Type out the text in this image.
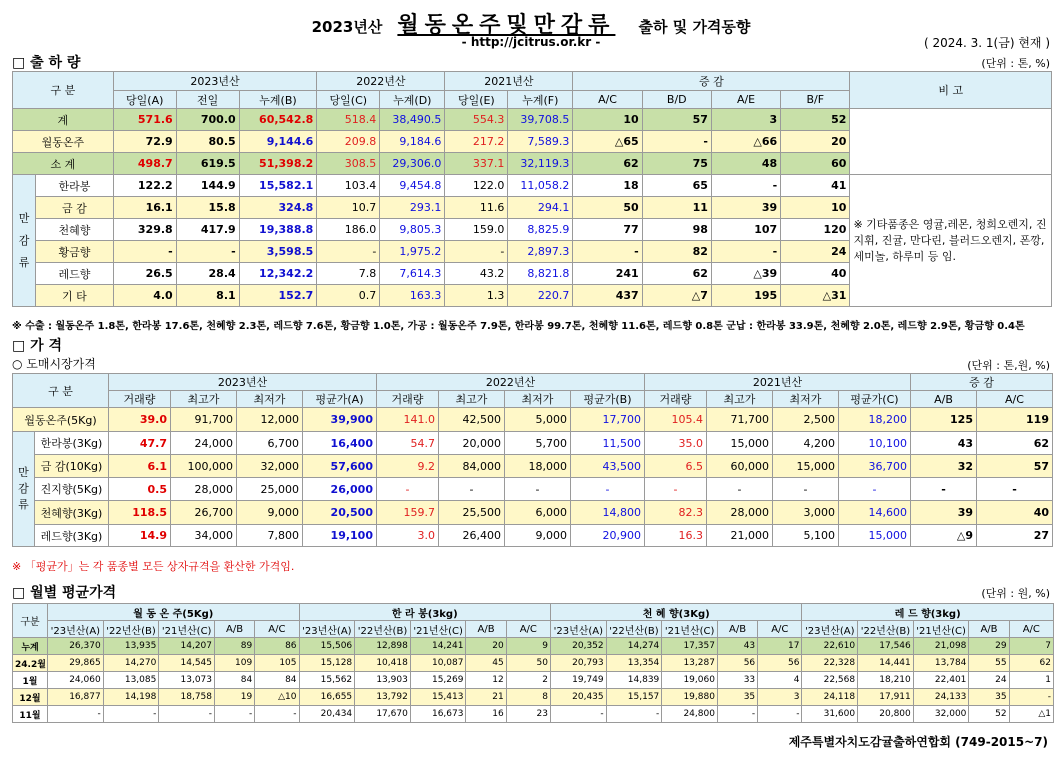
2023년산 월동온주및만감류 출하 및 가격동향
- http://jcitrus.or.kr -	( 2024. 3. 1(금) 현재 )
□ 출 하 량	(단위 : 톤, %)
구 분		2023년산			2022년산		2021년산		증 감				비 고
		당일(A)	전일	누계(B)	당일(C)	누계(D)	당일(E)	누계(F)	A/C	B/D	A/E	B/F	
계		571.6	700.0	60,542.8	518.4	38,490.5	554.3	39,708.5	10	57	3	52	
월동온주		72.9	80.5	9,144.6	209.8	9,184.6	217.2	7,589.3	△65	-	△66	20	
소 계		498.7	619.5	51,398.2	308.5	29,306.0	337.1	32,119.3	62	75	48	60	
만

감

류	한라봉	122.2	144.9	15,582.1	103.4	9,454.8	122.0	11,058.2	18	65	-	41	※ 기타품종은 영귤,레몬, 청희오렌지, 진지휘, 진귤, 만다린, 블러드오렌지, 폰깡,세미놀, 하루미 등 임.
	금 감	16.1	15.8	324.8	10.7	293.1	11.6	294.1	50	11	39	10	
	천혜향	329.8	417.9	19,388.8	186.0	9,805.3	159.0	8,825.9	77	98	107	120	
	황금향	-	-	3,598.5	-	1,975.2	-	2,897.3	-	82	-	24	
	레드향	26.5	28.4	12,342.2	7.8	7,614.3	43.2	8,821.8	241	62	△39	40	
	기 타	4.0	8.1	152.7	0.7	163.3	1.3	220.7	437	△7	195	△31	
※ 수출 : 월동온주 1.8톤, 한라봉 17.6톤, 천혜향 2.3톤, 레드향 7.6톤, 황금향 1.0톤, 가공 : 월동온주 7.9톤, 한라봉 99.7톤, 천혜향 11.6톤, 레드향 0.8톤 군납 : 한라봉 33.9톤, 천혜향 2.0톤, 레드향 2.9톤, 황금향 0.4톤
□ 가 격
○ 도매시장가격	(단위 : 톤,원, %)
구 분		2023년산				2022년산				2021년산				증 감	
		거래량	최고가	최저가	평균가(A)	거래량	최고가	최저가	평균가(B)	거래량	최고가	최저가	평균가(C)	A/B	A/C
월동온주(5Kg)		39.0	91,700	12,000	39,900	141.0	42,500	5,000	17,700	105.4	71,700	2,500	18,200	125	119
만
감
류	한라봉(3Kg)	47.7	24,000	6,700	16,400	54.7	20,000	5,700	11,500	35.0	15,000	4,200	10,100	43	62
	금 감(10Kg)	6.1	100,000	32,000	57,600	9.2	84,000	18,000	43,500	6.5	60,000	15,000	36,700	32	57
	진지향(5Kg)	0.5	28,000	25,000	26,000	-	-	-	-	-	-	-	-	-	-
	천혜향(3Kg)	118.5	26,700	9,000	20,500	159.7	25,500	6,000	14,800	82.3	28,000	3,000	14,600	39	40
	레드향(3Kg)	14.9	34,000	7,800	19,100	3.0	26,400	9,000	20,900	16.3	21,000	5,100	15,000	△9	27
※ 「평균가」는 각 품종별 모든 상자규격을 환산한 가격임.
□ 월별 평균가격	(단위 : 원, %)
구분	월 동 온 주(5Kg)					한 라 봉(3kg)					천 혜 향(3Kg)					레 드 향(3kg)				
	'23년산(A)	'22년산(B)	'21년산(C)	A/B	A/C	'23년산(A)	'22년산(B)	'21년산(C)	A/B	A/C	'23년산(A)	'22년산(B)	'21년산(C)	A/B	A/C	'23년산(A)	'22년산(B)	'21년산(C)	A/B	A/C
누계	26,370	13,935	14,207	89	86	15,506	12,898	14,241	20	9	20,352	14,274	17,357	43	17	22,610	17,546	21,098	29	7
24.2월	29,865	14,270	14,545	109	105	15,128	10,418	10,087	45	50	20,793	13,354	13,287	56	56	22,328	14,441	13,784	55	62
1월	24,060	13,085	13,073	84	84	15,562	13,903	15,269	12	2	19,749	14,839	19,060	33	4	22,568	18,210	22,401	24	1
12월	16,877	14,198	18,758	19	△10	16,655	13,792	15,413	21	8	20,435	15,157	19,880	35	3	24,118	17,911	24,133	35	-
11월	-	-	-	-	-	20,434	17,670	16,673	16	23	-	-	24,800	-	-	31,600	20,800	32,000	52	△1
제주특별자치도감귤출하연합회 (749-2015~7)
